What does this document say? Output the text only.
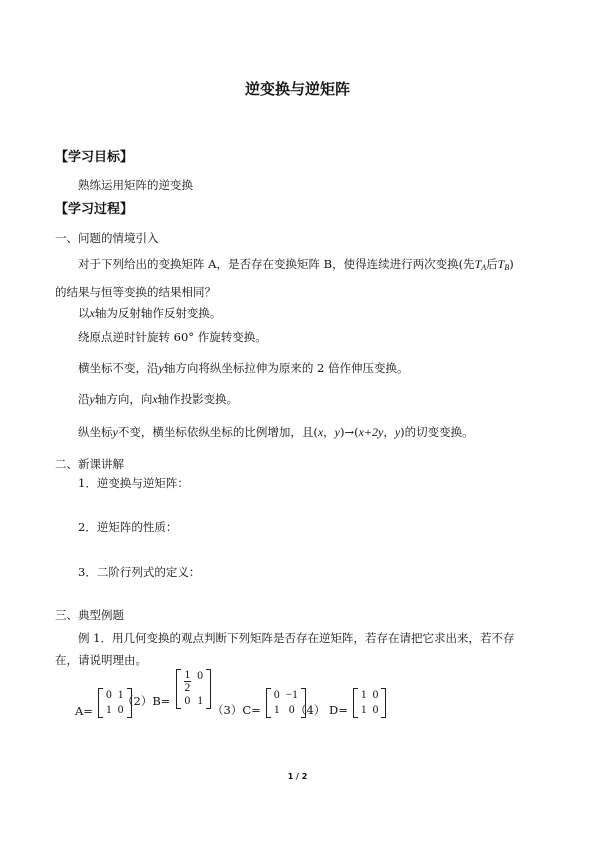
逆变换与逆矩阵
【学习目标】
熟练运用矩阵的逆变换
【学习过程】
一、问题的情境引入
对于下列给出的变换矩阵 A，是否存在变换矩阵 B，使得连续进行两次变换(先$T_A$后$T_B$)
的结果与恒等变换的结果相同？
以x轴为反射轴作反射变换。
绕原点逆时针旋转 60° 作旋转变换。
横坐标不变，沿y轴方向将纵坐标拉伸为原来的 2 倍作伸压变换。
沿y轴方向，向x轴作投影变换。
纵坐标y不变，横坐标依纵坐标的比例增加，且(x，y)→(x+2y，y)的切变变换。
二、新课讲解
1．逆变换与逆矩阵：
2．逆矩阵的性质：
3．二阶行列式的定义：
三、典型例题
例 1．用几何变换的观点判断下列矩阵是否存在逆矩阵，若存在请把它求出来，若不存
在，请说明理由。
A=
0	1
1	0
（2）B=
$\frac{1}{2}$	0
0	1
（3）C=
0	−1
1	0 （4） D=
1	0
1	0
1 / 2
